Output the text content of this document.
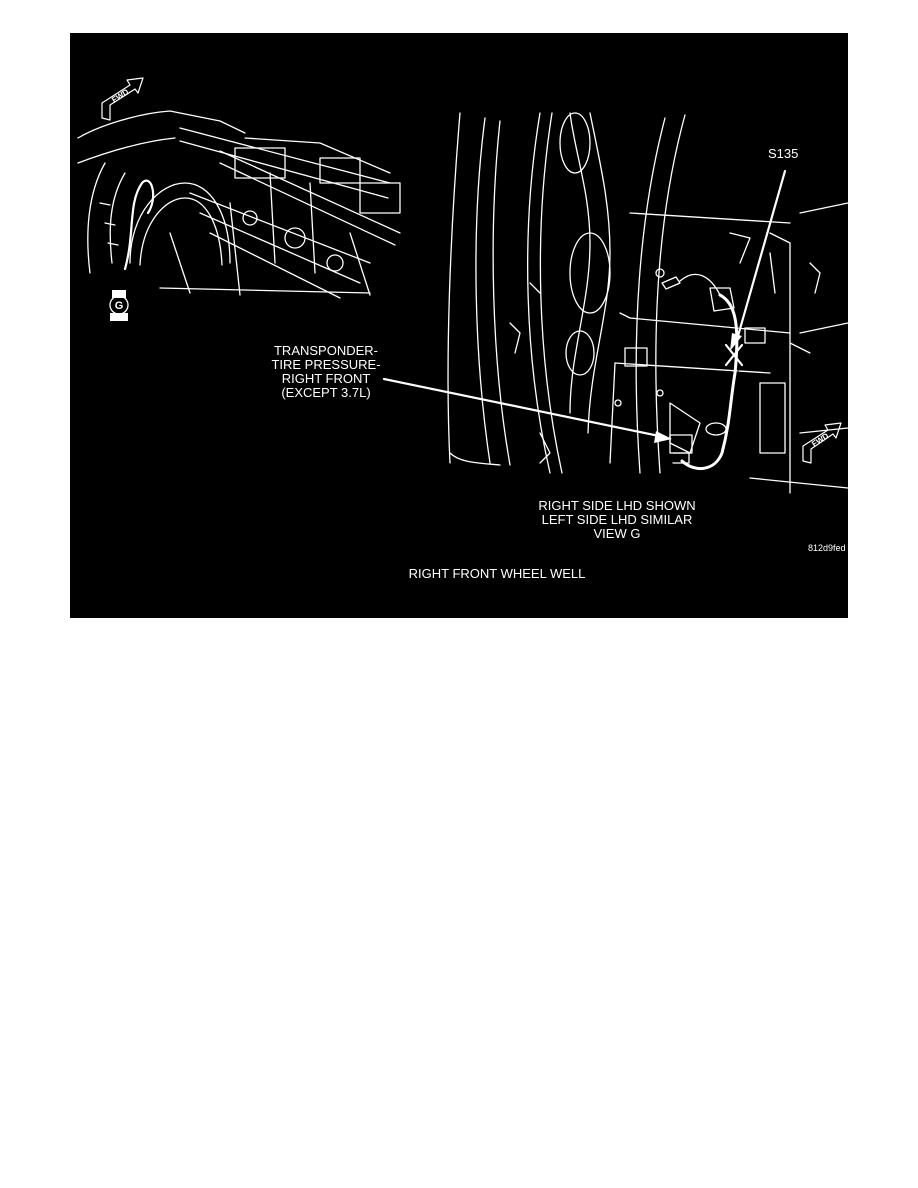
FWD
FWD
G
S135
TRANSPONDER-
TIRE PRESSURE-
RIGHT FRONT
(EXCEPT 3.7L)
RIGHT SIDE LHD SHOWN
LEFT SIDE LHD SIMILAR
VIEW G
812d9fed
RIGHT FRONT WHEEL WELL
